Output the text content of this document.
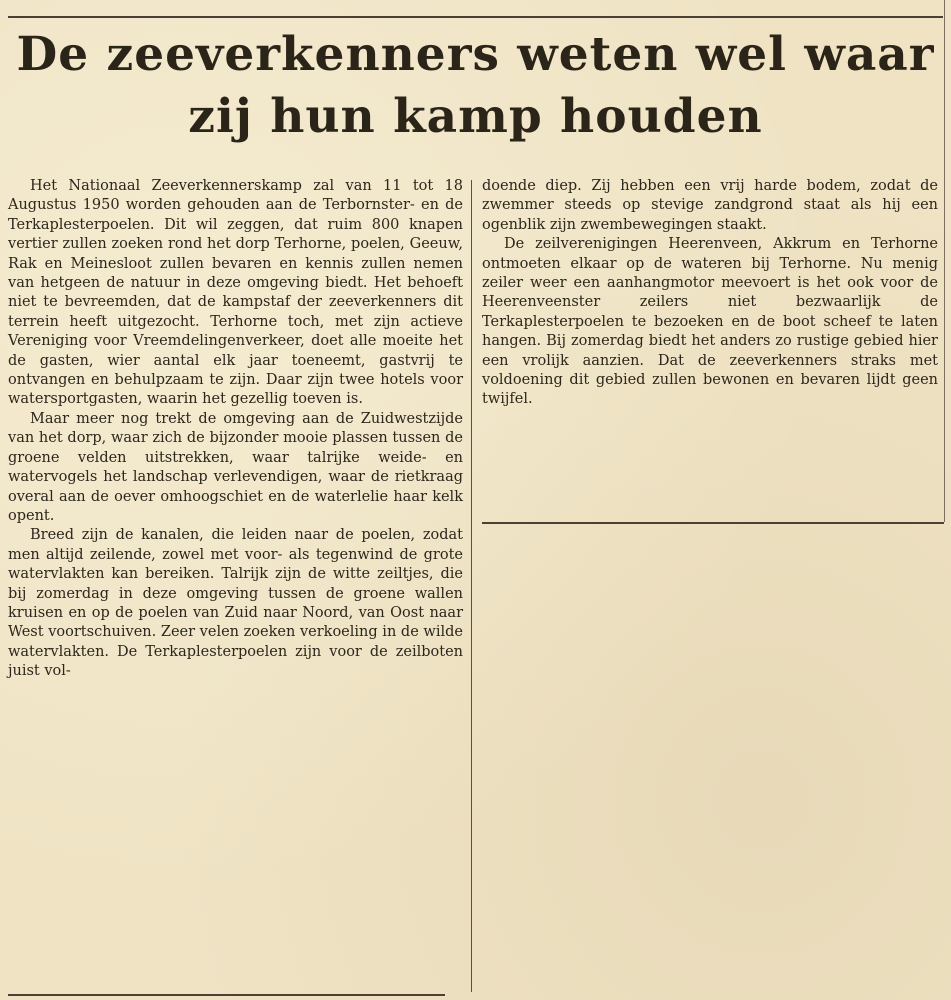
De zeeverkenners weten wel waar
zij hun kamp houden

Het Nationaal Zeeverkennerskamp zal van 11 tot 18 Augustus 1950 worden gehouden aan de Terbornster- en de Terkaplesterpoelen. Dit wil zeggen, dat ruim 800 knapen vertier zullen zoeken rond het dorp Terhorne, poelen, Geeuw, Rak en Meinesloot zullen bevaren en kennis zullen nemen van hetgeen de natuur in deze omgeving biedt. Het behoeft niet te bevreemden, dat de kampstaf der zeeverkenners dit terrein heeft uitgezocht. Terhorne toch, met zijn actieve Vereniging voor Vreemdelingenverkeer, doet alle moeite het de gasten, wier aantal elk jaar toeneemt, gastvrij te ontvangen en behulpzaam te zijn. Daar zijn twee hotels voor watersportgasten, waarin het gezellig toeven is.

Maar meer nog trekt de omgeving aan de Zuidwestzijde van het dorp, waar zich de bijzonder mooie plassen tussen de groene velden uitstrekken, waar talrijke weide- en watervogels het landschap verlevendigen, waar de rietkraag overal aan de oever omhoogschiet en de waterlelie haar kelk opent.

Breed zijn de kanalen, die leiden naar de poelen, zodat men altijd zeilende, zowel met voor- als tegenwind de grote watervlakten kan bereiken. Talrijk zijn de witte zeiltjes, die bij zomerdag in deze omgeving tussen de groene wallen kruisen en op de poelen van Zuid naar Noord, van Oost naar West voortschuiven. Zeer velen zoeken verkoeling in de wilde watervlakten. De Terkaplesterpoelen zijn voor de zeilboten juist vol-

doende diep. Zij hebben een vrij harde bodem, zodat de zwemmer steeds op stevige zandgrond staat als hij een ogenblik zijn zwembewegingen staakt.

De zeilverenigingen Heerenveen, Akkrum en Terhorne ontmoeten elkaar op de wateren bij Terhorne. Nu menig zeiler weer een aanhangmotor meevoert is het ook voor de Heerenveenster zeilers niet bezwaarlijk de Terkaplesterpoelen te bezoeken en de boot scheef te laten hangen. Bij zomerdag biedt het anders zo rustige gebied hier een vrolijk aanzien. Dat de zeeverkenners straks met voldoening dit gebied zullen bewonen en bevaren lijdt geen twijfel.
